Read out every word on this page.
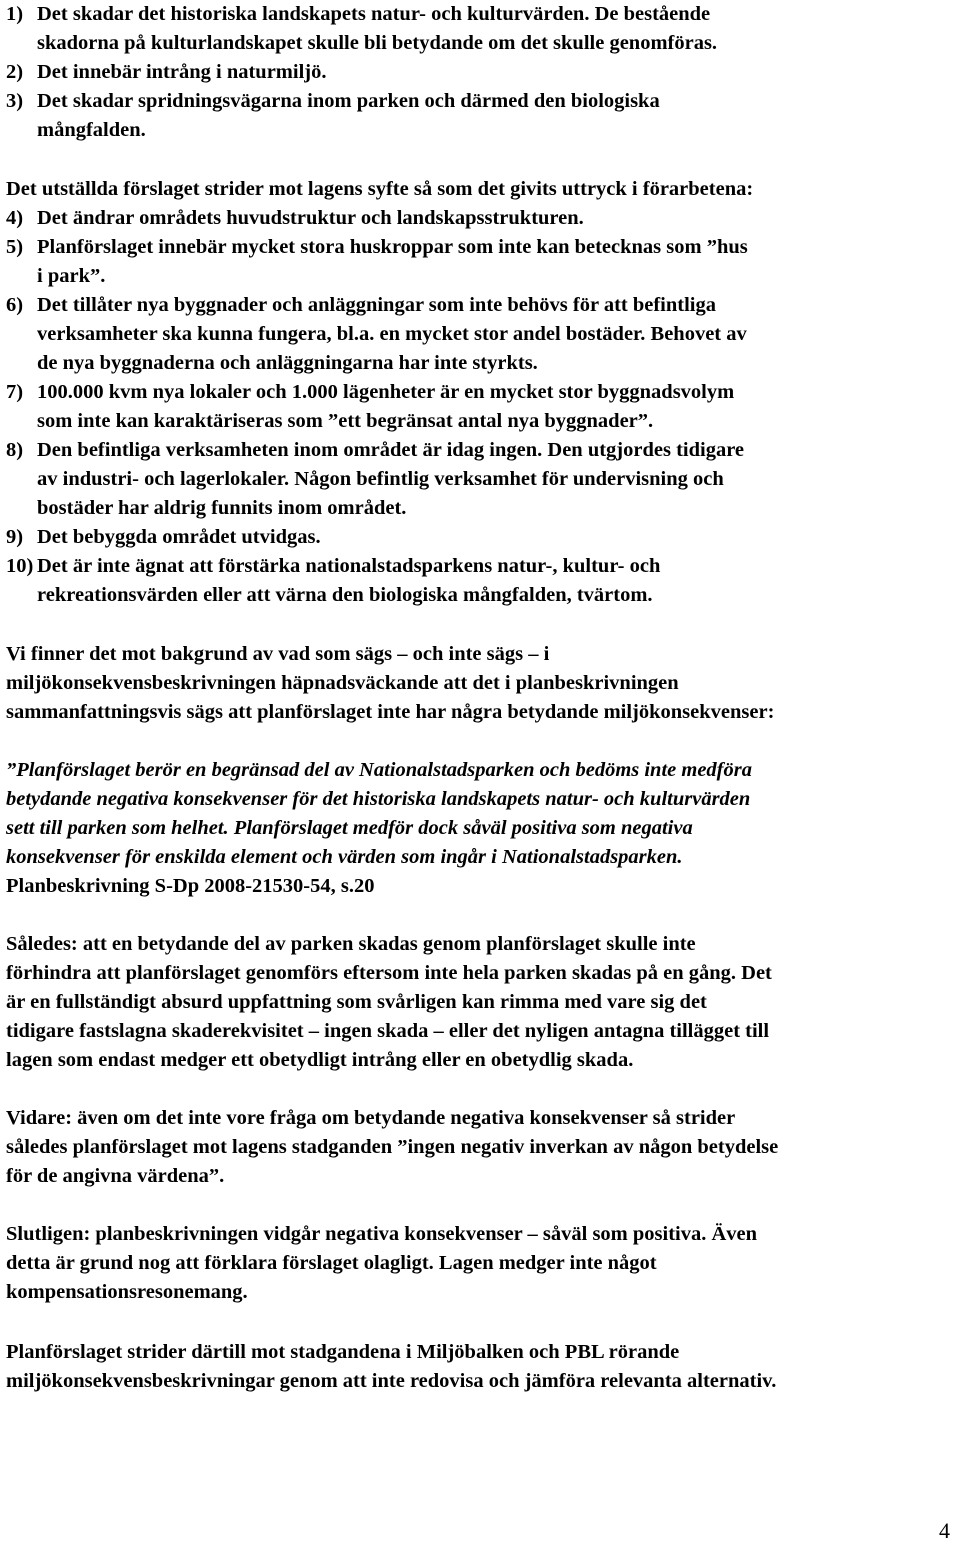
1) Det skadar det historiska landskapets natur- och kulturvärden. De bestående
skadorna på kulturlandskapet skulle bli betydande om det skulle genomföras.
2) Det innebär intrång i naturmiljö.
3) Det skadar spridningsvägarna inom parken och därmed den biologiska
mångfalden.
Det utställda förslaget strider mot lagens syfte så som det givits uttryck i förarbetena:
4) Det ändrar områdets huvudstruktur och landskapsstrukturen.
5) Planförslaget innebär mycket stora huskroppar som inte kan betecknas som ”hus
i park”.
6) Det tillåter nya byggnader och anläggningar som inte behövs för att befintliga
verksamheter ska kunna fungera, bl.a. en mycket stor andel bostäder. Behovet av
de nya byggnaderna och anläggningarna har inte styrkts.
7) 100.000 kvm nya lokaler och 1.000 lägenheter är en mycket stor byggnadsvolym
som inte kan karaktäriseras som ”ett begränsat antal nya byggnader”.
8) Den befintliga verksamheten inom området är idag ingen. Den utgjordes tidigare
av industri- och lagerlokaler. Någon befintlig verksamhet för undervisning och
bostäder har aldrig funnits inom området.
9) Det bebyggda området utvidgas.
10) Det är inte ägnat att förstärka nationalstadsparkens natur-, kultur- och
rekreationsvärden eller att värna den biologiska mångfalden, tvärtom.
Vi finner det mot bakgrund av vad som sägs – och inte sägs – i
miljökonsekvensbeskrivningen häpnadsväckande att det i planbeskrivningen
sammanfattningsvis sägs att planförslaget inte har några betydande miljökonsekvenser:
”Planförslaget berör en begränsad del av Nationalstadsparken och bedöms inte medföra
betydande negativa konsekvenser för det historiska landskapets natur- och kulturvärden
sett till parken som helhet. Planförslaget medför dock såväl positiva som negativa
konsekvenser för enskilda element och värden som ingår i Nationalstadsparken.
Planbeskrivning S-Dp 2008-21530-54, s.20
Således: att en betydande del av parken skadas genom planförslaget skulle inte
förhindra att planförslaget genomförs eftersom inte hela parken skadas på en gång. Det
är en fullständigt absurd uppfattning som svårligen kan rimma med vare sig det
tidigare fastslagna skaderekvisitet – ingen skada – eller det nyligen antagna tillägget till
lagen som endast medger ett obetydligt intrång eller en obetydlig skada.
Vidare: även om det inte vore fråga om betydande negativa konsekvenser så strider
således planförslaget mot lagens stadganden ”ingen negativ inverkan av någon betydelse
för de angivna värdena”.
Slutligen: planbeskrivningen vidgår negativa konsekvenser – såväl som positiva. Även
detta är grund nog att förklara förslaget olagligt. Lagen medger inte något
kompensationsresonemang.
Planförslaget strider därtill mot stadgandena i Miljöbalken och PBL rörande
miljökonsekvensbeskrivningar genom att inte redovisa och jämföra relevanta alternativ.
4
